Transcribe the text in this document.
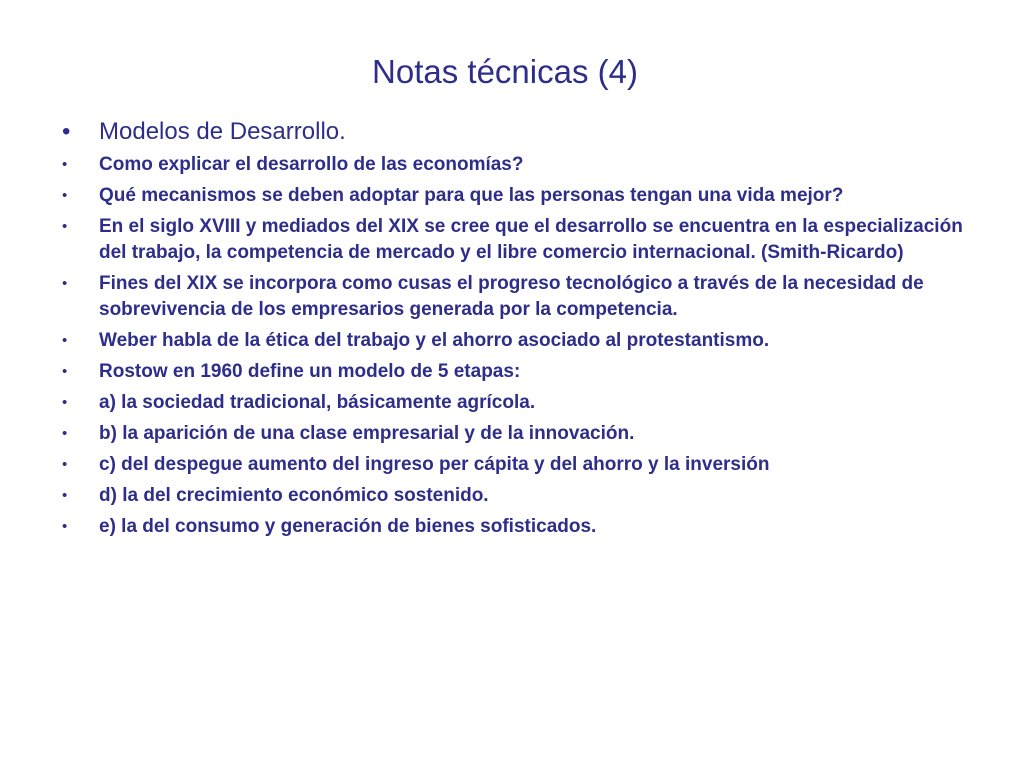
Notas técnicas (4)
• Modelos de Desarrollo.
• Como explicar el desarrollo de las economías?
• Qué mecanismos se deben adoptar para que las personas tengan una vida mejor?
• En el siglo XVIII y mediados del XIX se cree que el desarrollo se encuentra en la especialización del trabajo, la competencia de mercado y el libre comercio internacional. (Smith-Ricardo)
• Fines del XIX se incorpora como cusas el progreso tecnológico a través de la necesidad de sobrevivencia de los empresarios generada por la competencia.
• Weber habla de la ética del trabajo y el ahorro asociado al protestantismo.
• Rostow en 1960 define un modelo de 5 etapas:
• a) la sociedad tradicional, básicamente agrícola.
• b) la aparición de una clase empresarial y de la innovación.
• c) del despegue aumento del ingreso per cápita y del ahorro y la inversión
• d) la del crecimiento económico sostenido.
• e) la del consumo y generación de bienes sofisticados.
